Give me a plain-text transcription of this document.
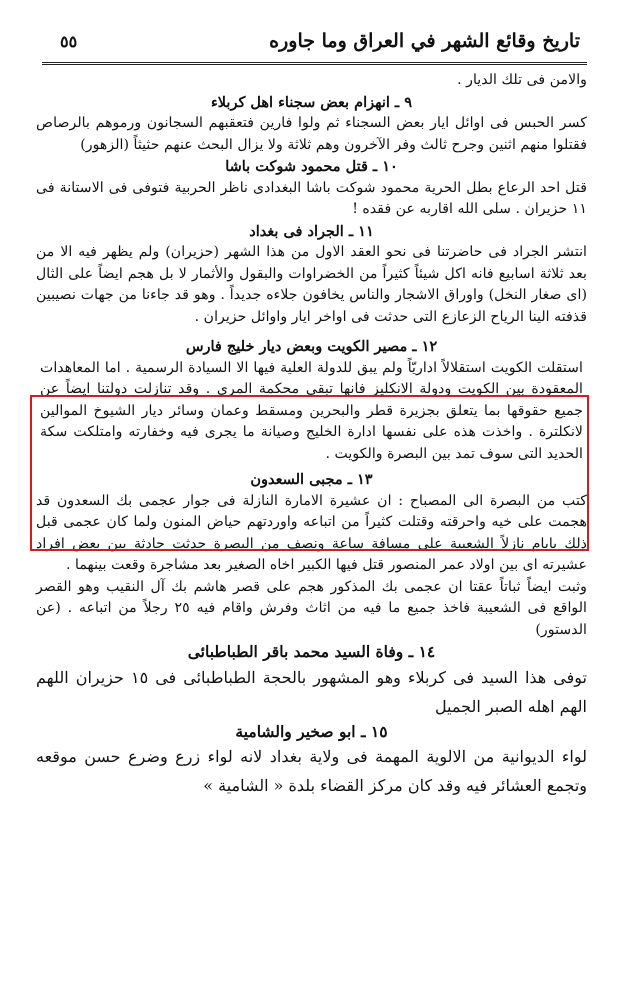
٥٥	تاريخ وقائع الشهر في العراق وما جاوره

والامن فى تلك الديار .

٩ ـ انهزام بعض سجناء اهل كربلاء

كسر الحبس فى اوائل ايار بعض السجناء ثم ولوا فارين فتعقبهم السجانون ورموهم بالرصاص فقتلوا منهم اثنين وجرح ثالث وفر الآخرون وهم ثلاثة ولا يزال البحث عنهم حثيثاً (الزهور)

١٠ ـ قتل محمود شوكت باشا

قتل احد الرعاع بطل الحرية محمود شوكت باشا البغدادى ناظر الحربية فتوفى فى الاستانة فى ١١ حزيران . سلى الله اقاربه عن فقده !

١١ ـ الجراد فى بغداد

انتشر الجراد فى حاضرتنا فى نحو العقد الاول من هذا الشهر (حزيران) ولم يظهر فيه الا من بعد ثلاثة اسابيع فانه اكل شيئاً كثيراً من الخضراوات والبقول والأثمار لا بل هجم ايضاً على الثال (اى صغار النخل) واوراق الاشجار والناس يخافون جلاءه جديداً . وهو قد جاءنا من جهات نصيبين قذفته الينا الرياح الزعازع التى حدثت فى اواخر ايار واوائل حزيران .

١٢ ـ مصير الكويت وبعض ديار خليج فارس

استقلت الكويت استقلالاً اداريّاً ولم يبق للدولة العلية فيها الا السيادة الرسمية . اما المعاهدات المعقودة بين الكويت ودولة الانكليز فانها تبقى محكمة المرى . وقد تنازلت دولتنا ايضاً عن جميع حقوقها بما يتعلق بجزيرة قطر والبحرين ومسقط وعمان وسائر ديار الشيوخ الموالين لانكلترة . واخذت هذه على نفسها ادارة الخليج وصيانة ما يجرى فيه وخفارته وامتلكت سكة الحديد التى سوف تمد بين البصرة والكويت .

١٣ ـ مجبى السعدون

كتب من البصرة الى المصباح : ان عشيرة الامارة النازلة فى جوار عجمى بك السعدون قد هجمت على خيه واحرقته وقتلت كثيراً من اتباعه واوردتهم حياض المنون ولما كان عجمى قبل ذلك بايام نازلاً الشعيبة على مسافة ساعة ونصف من البصرة حدثت حادثة بين بعض افراد عشيرته اى بين اولاد عمر المنصور قتل فيها الكبير اخاه الصغير بعد مشاجرة وقعت بينهما .

وثبت ايضاً ثباتاً عقتا ان عجمى بك المذكور هجم على قصر هاشم بك آل النقيب وهو القصر الواقع فى الشعيبة فاخذ جميع ما فيه من اثاث وفرش واقام فيه ٢٥ رجلاً من اتباعه . (عن الدستور)

١٤ ـ وفاة السيد محمد باقر الطباطبائى

توفى هذا السيد فى كربلاء وهو المشهور بالحجة الطباطبائى فى ١٥ حزيران اللهم الهم اهله الصبر الجميل

١٥ ـ ابو صخير والشامية

لواء الديوانية من الالوية المهمة فى ولاية بغداد لانه لواء زرع وضرع حسن موقعه وتجمع العشائر فيه وقد كان مركز القضاء بلدة « الشامية »
